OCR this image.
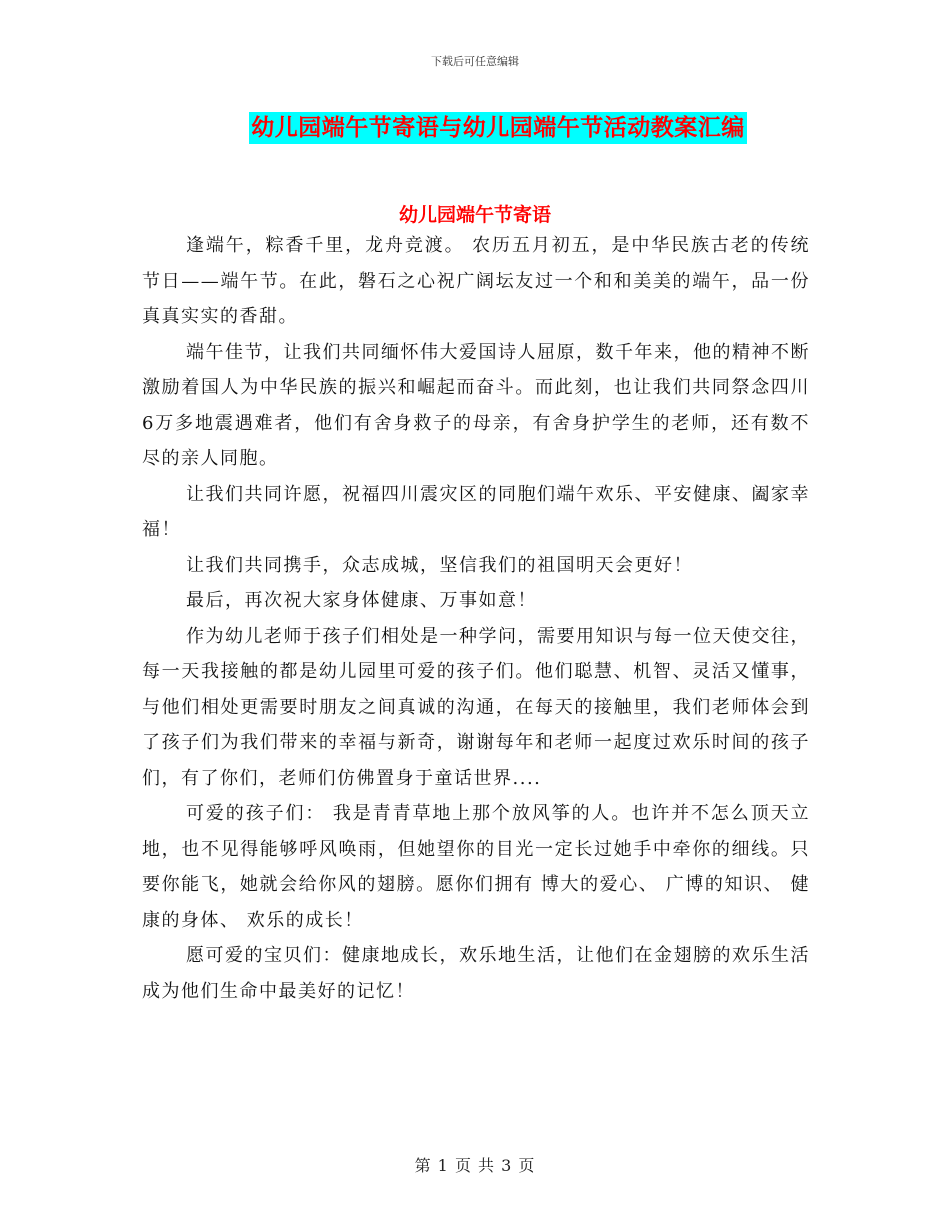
下载后可任意编辑
幼儿园端午节寄语与幼儿园端午节活动教案汇编
幼儿园端午节寄语

逢端午，粽香千里，龙舟竞渡。 农历五月初五，是中华民族古老的传统节日——端午节。在此，磐石之心祝广阔坛友过一个和和美美的端午，品一份真真实实的香甜。

端午佳节，让我们共同缅怀伟大爱国诗人屈原，数千年来，他的精神不断激励着国人为中华民族的振兴和崛起而奋斗。而此刻，也让我们共同祭念四川6万多地震遇难者，他们有舍身救子的母亲，有舍身护学生的老师，还有数不尽的亲人同胞。

让我们共同许愿，祝福四川震灾区的同胞们端午欢乐、平安健康、阖家幸福！

让我们共同携手，众志成城，坚信我们的祖国明天会更好！

最后，再次祝大家身体健康、万事如意！

作为幼儿老师于孩子们相处是一种学问，需要用知识与每一位天使交往，每一天我接触的都是幼儿园里可爱的孩子们。他们聪慧、机智、灵活又懂事，与他们相处更需要时朋友之间真诚的沟通，在每天的接触里，我们老师体会到了孩子们为我们带来的幸福与新奇，谢谢每年和老师一起度过欢乐时间的孩子们，有了你们，老师们仿佛置身于童话世界....

可爱的孩子们： 我是青青草地上那个放风筝的人。也许并不怎么顶天立地，也不见得能够呼风唤雨，但她望你的目光一定长过她手中牵你的细线。只要你能飞，她就会给你风的翅膀。愿你们拥有 博大的爱心、 广博的知识、 健康的身体、 欢乐的成长！

愿可爱的宝贝们：健康地成长，欢乐地生活，让他们在金翅膀的欢乐生活成为他们生命中最美好的记忆！

第 1 页 共 3 页
